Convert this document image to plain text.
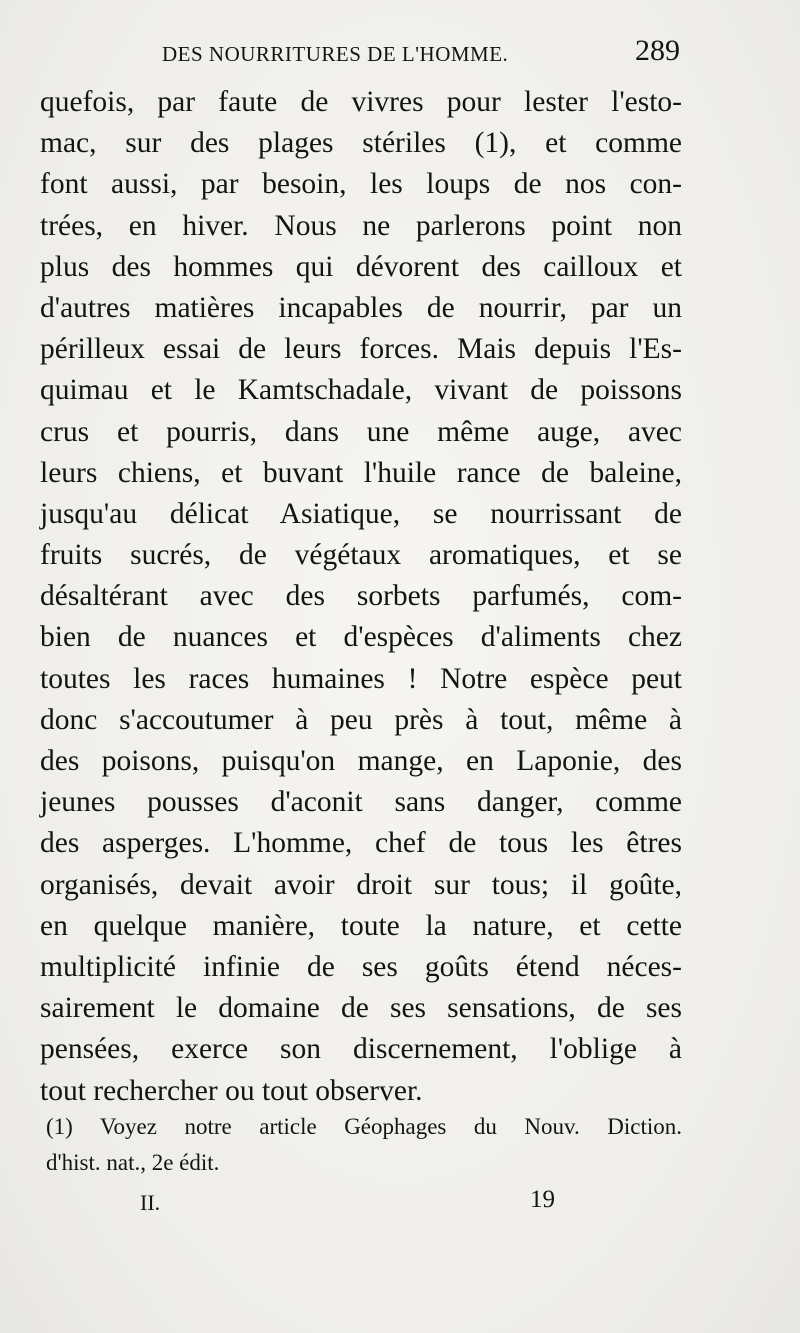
DES NOURRITURES DE L'HOMME.	289
quefois, par faute de vivres pour lester l'esto-
mac, sur des plages stériles (1), et comme
font aussi, par besoin, les loups de nos con-
trées, en hiver. Nous ne parlerons point non
plus des hommes qui dévorent des cailloux et
d'autres matières incapables de nourrir, par un
périlleux essai de leurs forces. Mais depuis l'Es-
quimau et le Kamtschadale, vivant de poissons
crus et pourris, dans une même auge, avec
leurs chiens, et buvant l'huile rance de baleine,
jusqu'au délicat Asiatique, se nourrissant de
fruits sucrés, de végétaux aromatiques, et se
désaltérant avec des sorbets parfumés, com-
bien de nuances et d'espèces d'aliments chez
toutes les races humaines ! Notre espèce peut
donc s'accoutumer à peu près à tout, même à
des poisons, puisqu'on mange, en Laponie, des
jeunes pousses d'aconit sans danger, comme
des asperges. L'homme, chef de tous les êtres
organisés, devait avoir droit sur tous; il goûte,
en quelque manière, toute la nature, et cette
multiplicité infinie de ses goûts étend néces-
sairement le domaine de ses sensations, de ses
pensées, exerce son discernement, l'oblige à
tout rechercher ou tout observer.
(1) Voyez notre article Géophages du Nouv. Diction.
d'hist. nat., 2e édit.
II.	19
